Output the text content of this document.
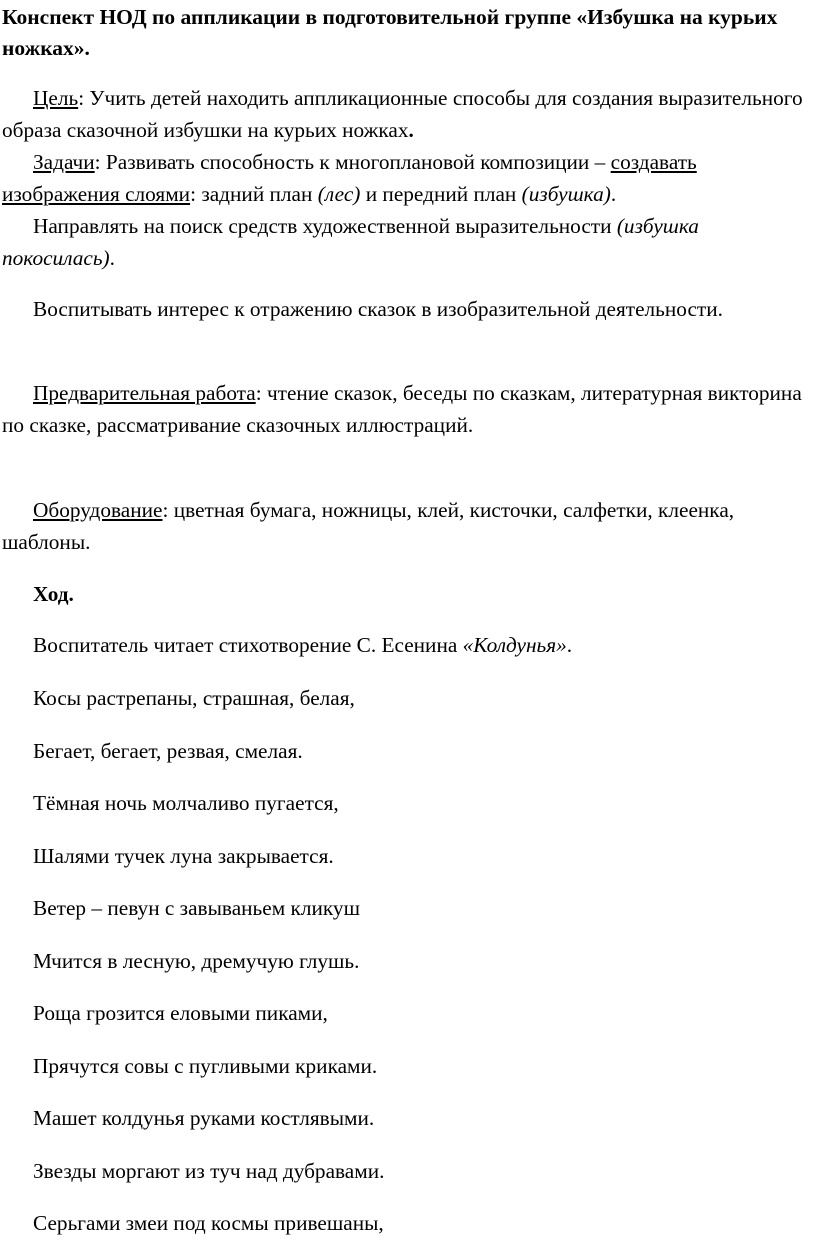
Конспект НОД по аппликации в подготовительной группе «Избушка на курьих ножках».

Цель: Учить детей находить аппликационные способы для создания выразительного образа сказочной избушки на курьих ножках.

Задачи: Развивать способность к многоплановой композиции – создавать изображения слоями: задний план (лес) и передний план (избушка).

Направлять на поиск средств художественной выразительности (избушка покосилась).

Воспитывать интерес к отражению сказок в изобразительной деятельности.

Предварительная работа: чтение сказок, беседы по сказкам, литературная викторина по сказке, рассматривание сказочных иллюстраций.

Оборудование: цветная бумага, ножницы, клей, кисточки, салфетки, клеенка, шаблоны.

Ход.

Воспитатель читает стихотворение С. Есенина «Колдунья».

Косы растрепаны, страшная, белая,

Бегает, бегает, резвая, смелая.

Тёмная ночь молчаливо пугается,

Шалями тучек луна закрывается.

Ветер – певун с завываньем кликуш

Мчится в лесную, дремучую глушь.

Роща грозится еловыми пиками,

Прячутся совы с пугливыми криками.

Машет колдунья руками костлявыми.

Звезды моргают из туч над дубравами.

Серьгами змеи под космы привешаны,
